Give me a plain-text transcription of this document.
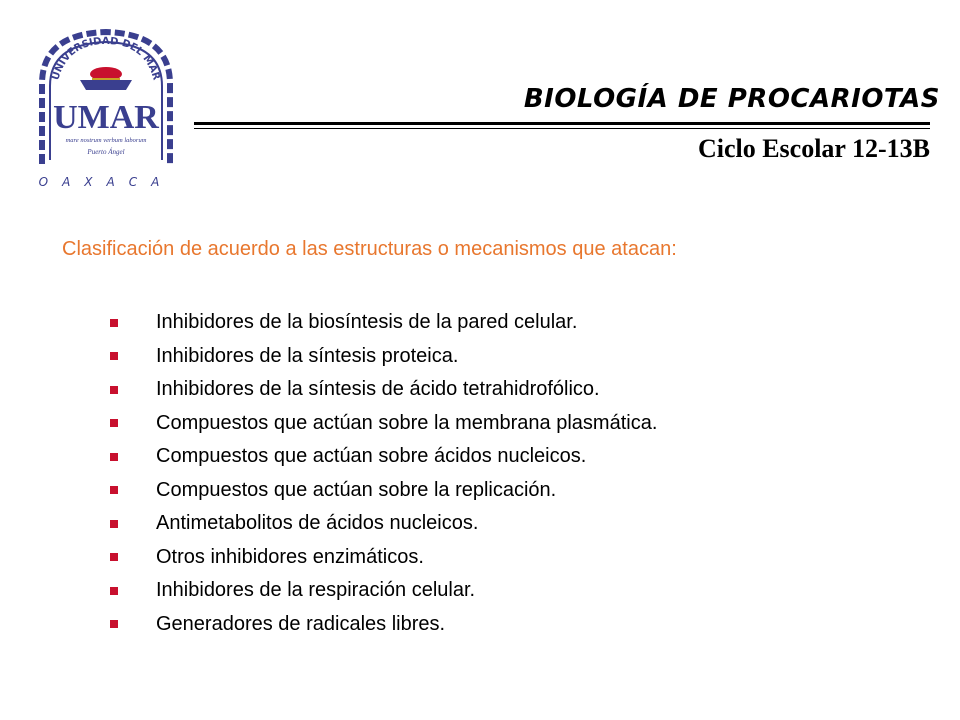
UNIVERSIDAD DEL MAR
UMAR
mare nostrum verbum laborum
Puerto Ángel
OAXACA
BIOLOGÍA DE PROCARIOTAS
Ciclo Escolar 12-13B
Clasificación de acuerdo a las estructuras o mecanismos que atacan:
Inhibidores de la biosíntesis de la pared celular.
Inhibidores de la síntesis proteica.
Inhibidores de la síntesis de ácido tetrahidrofólico.
Compuestos que actúan sobre la membrana plasmática.
Compuestos que actúan sobre ácidos nucleicos.
Compuestos que actúan sobre la replicación.
Antimetabolitos de ácidos nucleicos.
Otros inhibidores enzimáticos.
Inhibidores de la respiración celular.
Generadores de radicales libres.
